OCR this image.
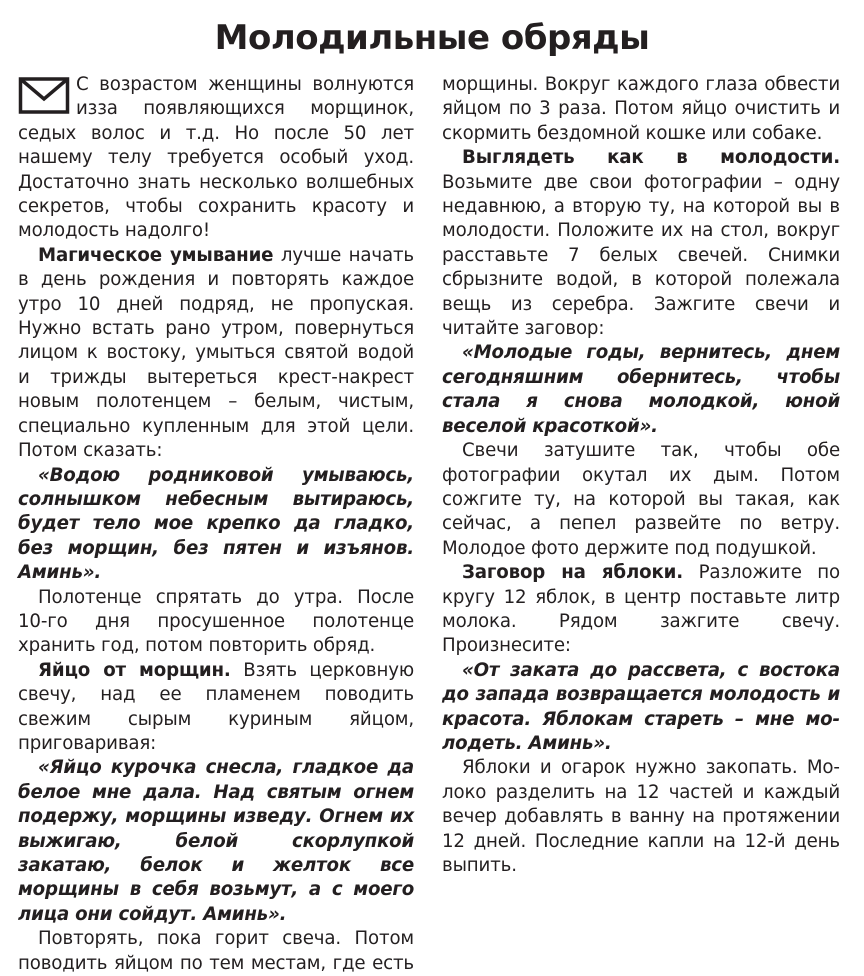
Молодильные обряды

С возрастом женщины волнуются изза появляющихся морщинок, седых волос и т.д. Но после 50 лет нашему телу требуется особый уход. Достаточно знать несколько волшебных секретов, чтобы сохранить красоту и молодость надолго!

Магическое умывание лучше начать в день рождения и повторять каждое утро 10 дней подряд, не пропуская. Нужно встать рано утром, повернуться лицом к востоку, умыться святой водой и трижды вытереться крест-накрест новым полотенцем – белым, чистым, специально купленным для этой цели. Потом сказать:

«Водою родниковой умываюсь, солнышком небесным вытираюсь, будет тело мое крепко да гладко, без морщин, без пятен и изъянов. Аминь».

Полотенце спрятать до утра. После 10-го дня просушенное полотенце хранить год, потом повторить обряд.

Яйцо от морщин. Взять церковную свечу, над ее пламенем поводить свежим сырым куриным яйцом, приговаривая:

«Яйцо курочка снесла, гладкое да белое мне дала. Над святым огнем подержу, морщины изведу. Огнем их выжигаю, белой скорлупкой закатаю, белок и желток все морщины в себя возьмут, а с моего лица они сойдут. Аминь».

Повторять, пока горит свеча. Потом поводить яйцом по тем местам, где есть

морщины. Вокруг каждого глаза обвести яйцом по 3 раза. Потом яйцо очистить и скормить бездомной кошке или собаке.

Выглядеть как в молодости. Возьмите две свои фотографии – одну недавнюю, а вторую ту, на которой вы в молодости. Положите их на стол, вокруг расставьте 7 белых свечей. Снимки сбрызните водой, в которой полежала вещь из серебра. Зажгите свечи и читайте заговор:

«Молодые годы, вернитесь, днем сегодняшним обернитесь, чтобы стала я снова молодкой, юной веселой красоткой».

Свечи затушите так, чтобы обе фотографии окутал их дым. Потом сожгите ту, на которой вы такая, как сейчас, а пепел развейте по ветру. Молодое фото держите под подушкой.

Заговор на яблоки. Разложите по кругу 12 яблок, в центр поставьте литр молока. Рядом зажгите свечу. Произнесите:

«От заката до рассвета, с востока до запада возвращается молодость и красота. Яблокам стареть – мне молодеть. Аминь».

Яблоки и огарок нужно закопать. Молоко разделить на 12 частей и каждый вечер добавлять в ванну на протяжении 12 дней. Последние капли на 12-й день выпить.
